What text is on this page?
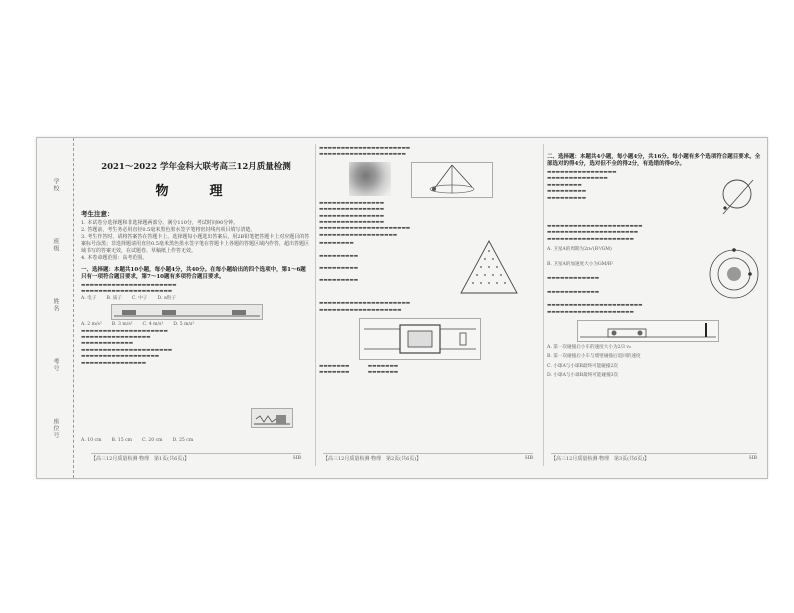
学校
班级
姓名
考号
座位号
2021～2022 学年金科大联考高三12月质量检测
物　理
考生注意：
1. 本试卷分选择题和非选择题两部分。满分110分，考试时间90分钟。
2. 答题前，考生务必用直径0.5毫米黑色墨水签字笔将密封线内项目填写清楚。
3. 考生作答时，请将答案答在答题卡上。选择题每小题选出答案后，用2B铅笔把答题卡上对应题目的答案标号涂黑；非选择题请用直径0.5毫米黑色墨水签字笔在答题卡上各题的答题区域内作答，超出答题区域书写的答案无效，在试题卷、草稿纸上作答无效。
4. 本卷命题范围：高考范围。
一、选择题：本题共10小题，每小题4分，共40分。在每小题给出的四个选项中，第1～6题只有一项符合题目要求，第7～10题有多项符合题目要求。
▬▬▬▬▬▬▬▬▬▬▬▬▬▬▬▬▬▬▬▬▬▬
▬▬▬▬▬▬▬▬▬▬▬▬▬▬▬▬▬▬▬▬▬
A. 电子 B. 质子 C. 中子 D. α粒子
A. 2 m/s² B. 3 m/s² C. 4 m/s² D. 5 m/s²
▬▬▬▬▬▬▬▬▬▬▬▬▬▬▬▬▬▬▬▬
▬▬▬▬▬▬▬▬▬▬▬▬▬▬▬▬
▬▬▬▬▬▬▬▬▬▬▬▬
▬▬▬▬▬▬▬▬▬▬▬▬▬▬▬▬▬▬▬▬▬
▬▬▬▬▬▬▬▬▬▬▬▬▬▬▬▬▬▬
▬▬▬▬▬▬▬▬▬▬▬▬▬▬▬
A. 10 cm B. 15 cm C. 20 cm D. 25 cm
【高三12月质量检测·物理　第1页(共6页)】	HB
▬▬▬▬▬▬▬▬▬▬▬▬▬▬▬▬▬▬▬▬▬
▬▬▬▬▬▬▬▬▬▬▬▬▬▬▬▬▬▬▬▬
▬▬▬▬▬▬▬▬▬▬▬▬▬▬▬
▬▬▬▬▬▬▬▬▬▬▬▬▬▬▬
▬▬▬▬▬▬▬▬▬▬▬▬▬▬▬
▬▬▬▬▬▬▬▬▬▬▬▬▬▬▬
▬▬▬▬▬▬▬▬▬▬▬▬▬▬▬▬▬▬▬▬▬
▬▬▬▬▬▬▬▬▬▬▬▬▬▬▬▬▬▬
▬▬▬▬▬▬▬▬
▬▬▬▬▬▬▬▬▬
▬▬▬▬▬▬▬▬▬
▬▬▬▬▬▬▬▬▬
▬▬▬▬▬▬▬▬▬▬▬▬▬▬▬▬▬▬▬▬▬
▬▬▬▬▬▬▬▬▬▬▬▬▬▬▬▬▬▬▬
▬▬▬▬▬▬▬　　　　▬▬▬▬▬▬▬
▬▬▬▬▬▬▬　　　　▬▬▬▬▬▬▬
【高三12月质量检测·物理　第2页(共6页)】	HB
二、选择题：本题共4小题，每小题4分，共16分。每小题有多个选项符合题目要求。全部选对的得4分，选对但不全的得2分，有选错的得0分。
▬▬▬▬▬▬▬▬▬▬▬▬▬▬▬▬
▬▬▬▬▬▬▬▬▬▬▬▬▬▬
▬▬▬▬▬▬▬▬
▬▬▬▬▬▬▬▬▬
▬▬▬▬▬▬▬▬▬
▬▬▬▬▬▬▬▬▬▬▬▬▬▬▬▬▬▬▬▬▬▬
▬▬▬▬▬▬▬▬▬▬▬▬▬▬▬▬▬▬▬▬▬
▬▬▬▬▬▬▬▬▬▬▬▬▬▬▬▬▬▬▬▬
A. 卫星A的周期为2π√(R³/GM)
B. 卫星A的加速度大小为GM/R²
▬▬▬▬▬▬▬▬▬▬▬▬
▬▬▬▬▬▬▬▬▬▬▬▬
▬▬▬▬▬▬▬▬▬▬▬▬▬▬▬▬▬▬▬▬▬▬
▬▬▬▬▬▬▬▬▬▬▬▬▬▬▬▬▬▬▬▬
A. 第一次碰撞后小车的速度大小为2/3 v₀
B. 第一次碰撞后小车与墙壁碰撞后返回的速度
C. 小球A与小球B最终可能碰撞2次
D. 小球A与小球B最终可能碰撞3次
【高三12月质量检测·物理　第3页(共6页)】	HB
